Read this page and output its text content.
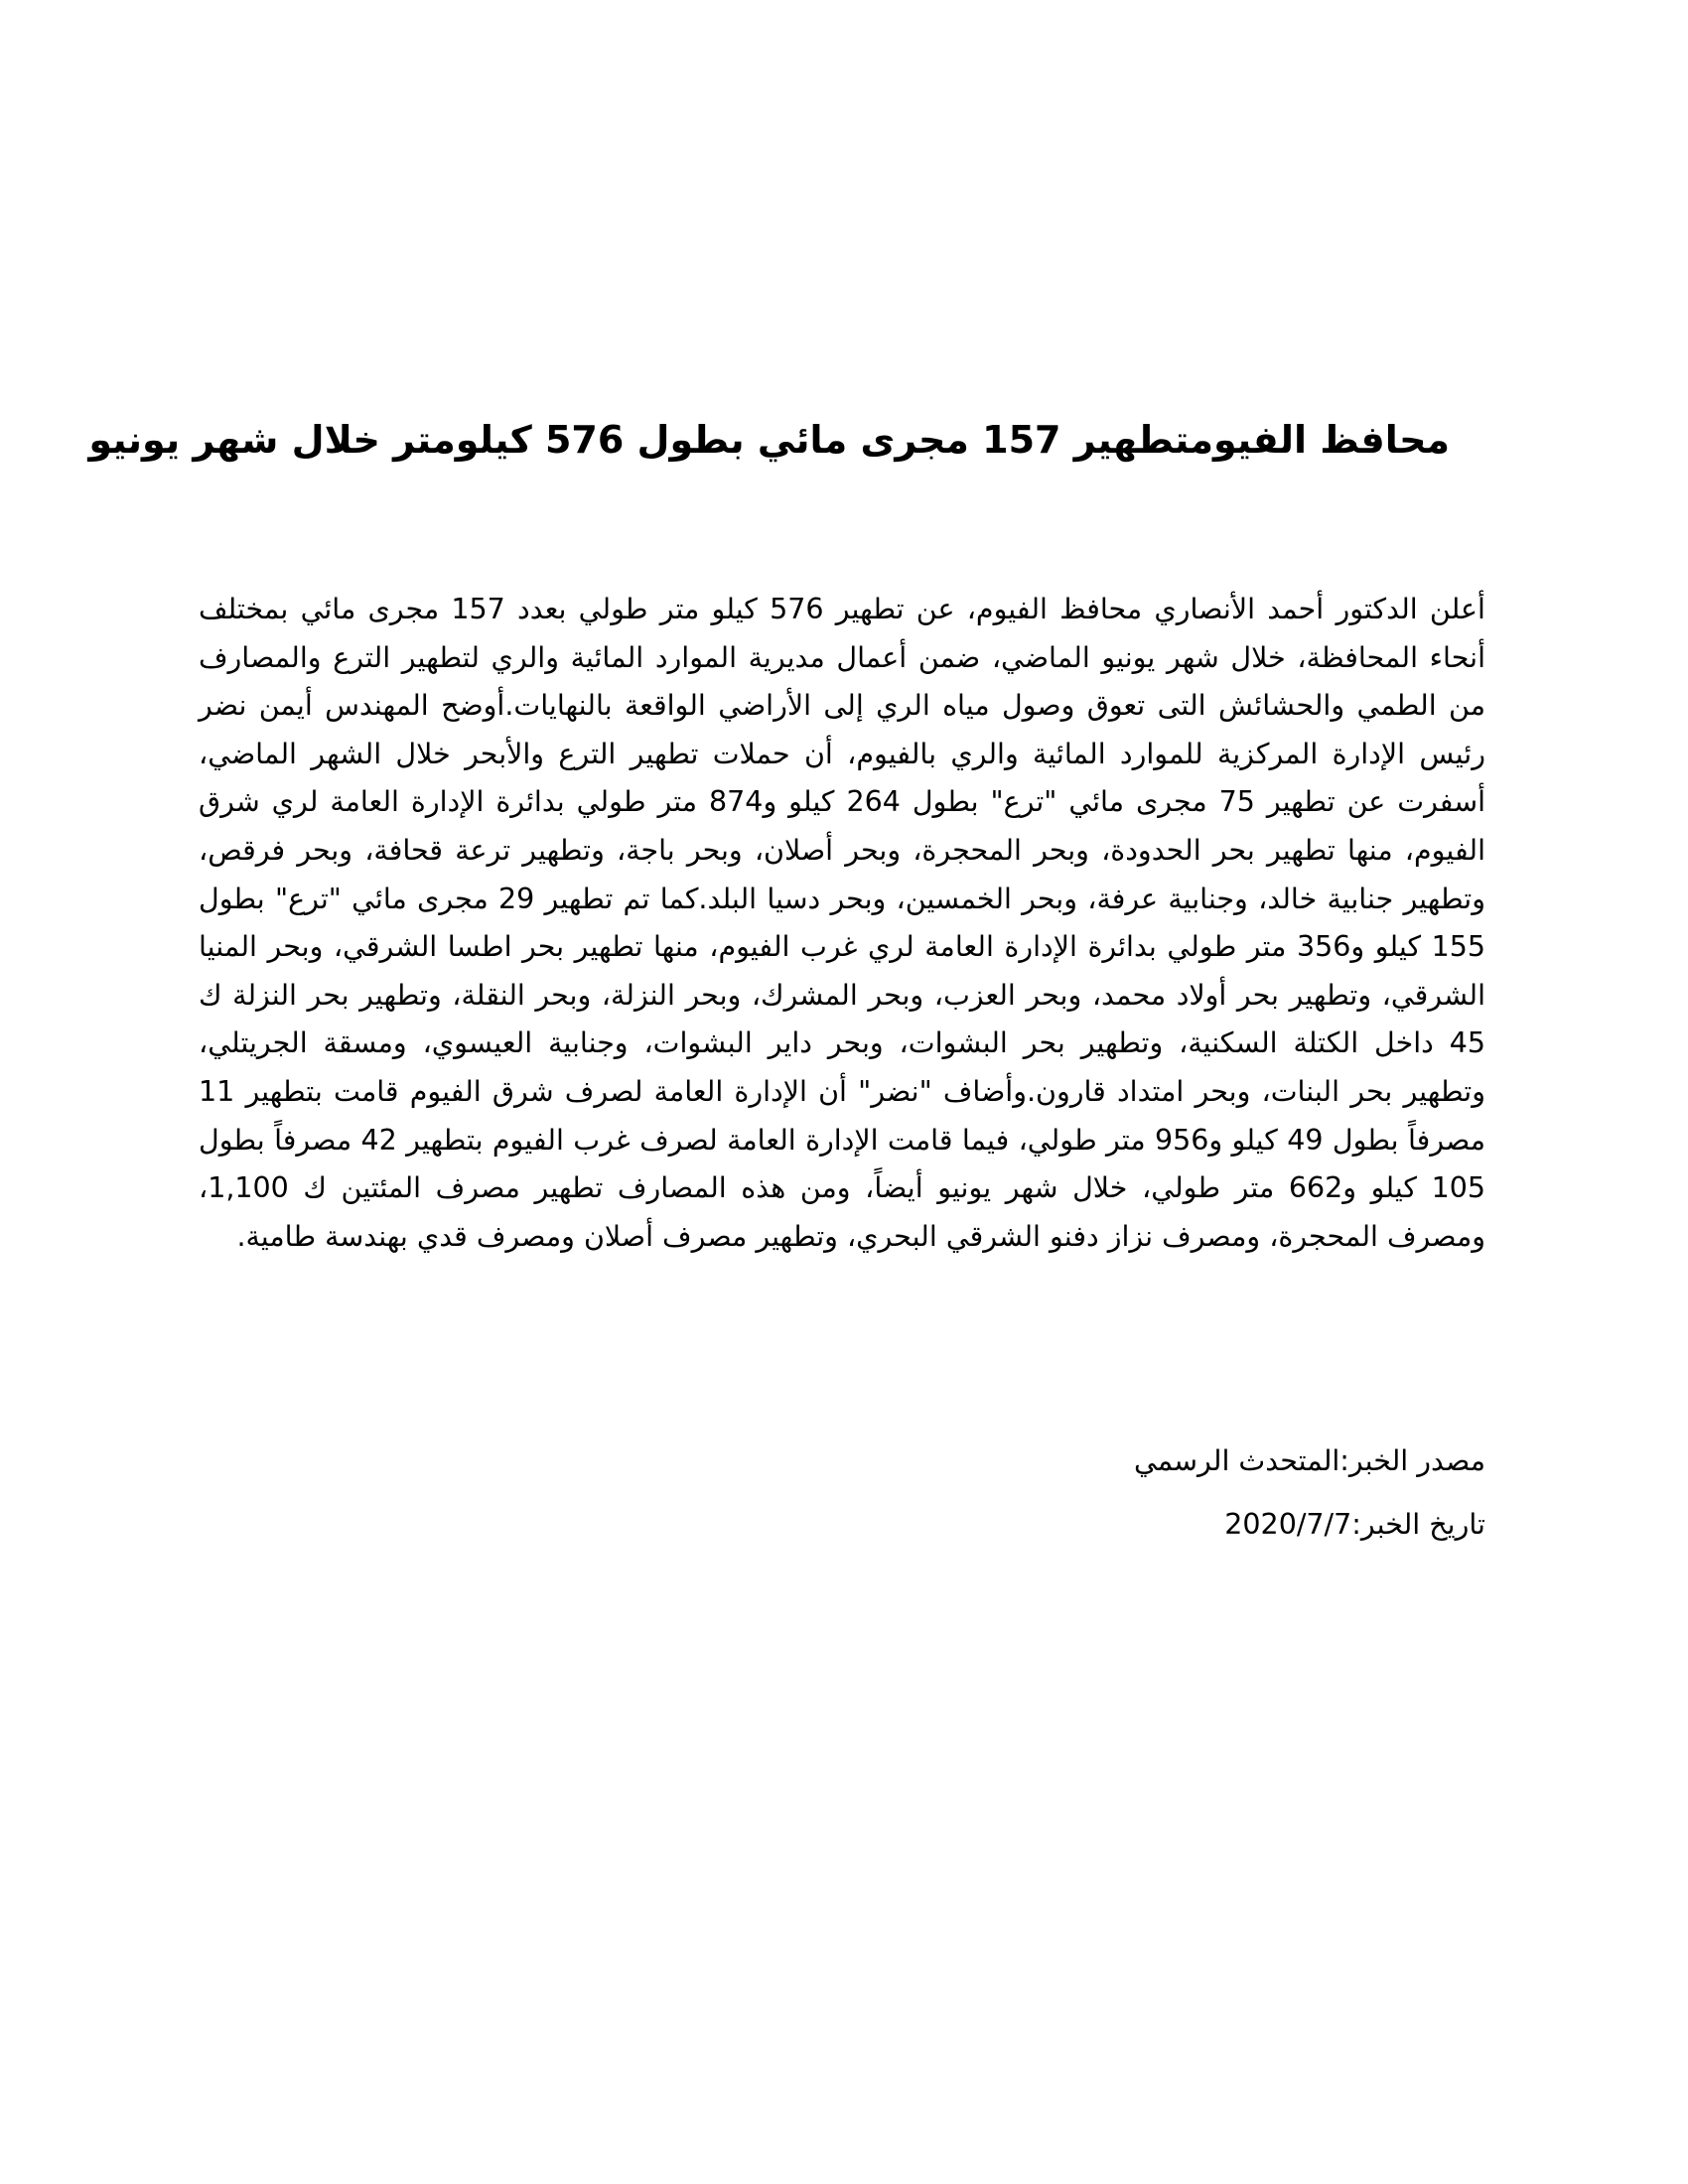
محافظ الفيومتطهير 157 مجرى مائي بطول 576 كيلومتر خلال شهر يونيو

أعلن الدكتور أحمد الأنصاري محافظ الفيوم، عن تطهير 576 كيلو متر طولي بعدد 157 مجرى مائي بمختلف أنحاء المحافظة، خلال شهر يونيو الماضي، ضمن أعمال مديرية الموارد المائية والري لتطهير الترع والمصارف من الطمي والحشائش التى تعوق وصول مياه الري إلى الأراضي الواقعة بالنهايات.أوضح المهندس أيمن نضر رئيس الإدارة المركزية للموارد المائية والري بالفيوم، أن حملات تطهير الترع والأبحر خلال الشهر الماضي، أسفرت عن تطهير 75 مجرى مائي "ترع" بطول 264 كيلو و874 متر طولي بدائرة الإدارة العامة لري شرق الفيوم، منها تطهير بحر الحدودة، وبحر المحجرة، وبحر أصلان، وبحر باجة، وتطهير ترعة قحافة، وبحر فرقص، وتطهير جنابية خالد، وجنابية عرفة، وبحر الخمسين، وبحر دسيا البلد.كما تم تطهير 29 مجرى مائي "ترع" بطول 155 كيلو و356 متر طولي بدائرة الإدارة العامة لري غرب الفيوم، منها تطهير بحر اطسا الشرقي، وبحر المنيا الشرقي، وتطهير بحر أولاد محمد، وبحر العزب، وبحر المشرك، وبحر النزلة، وبحر النقلة، وتطهير بحر النزلة ك 45 داخل الكتلة السكنية، وتطهير بحر البشوات، وبحر داير البشوات، وجنابية العيسوي، ومسقة الجريتلي، وتطهير بحر البنات، وبحر امتداد قارون.وأضاف "نضر" أن الإدارة العامة لصرف شرق الفيوم قامت بتطهير 11 مصرفاً بطول 49 كيلو و956 متر طولي، فيما قامت الإدارة العامة لصرف غرب الفيوم بتطهير 42 مصرفاً بطول 105 كيلو و662 متر طولي، خلال شهر يونيو أيضاً، ومن هذه المصارف تطهير مصرف المئتين ك 1,100، ومصرف المحجرة، ومصرف نزاز دفنو الشرقي البحري، وتطهير مصرف أصلان ومصرف قدي بهندسة طامية.

مصدر الخبر:المتحدث الرسمي

تاريخ الخبر:2020/7/7
